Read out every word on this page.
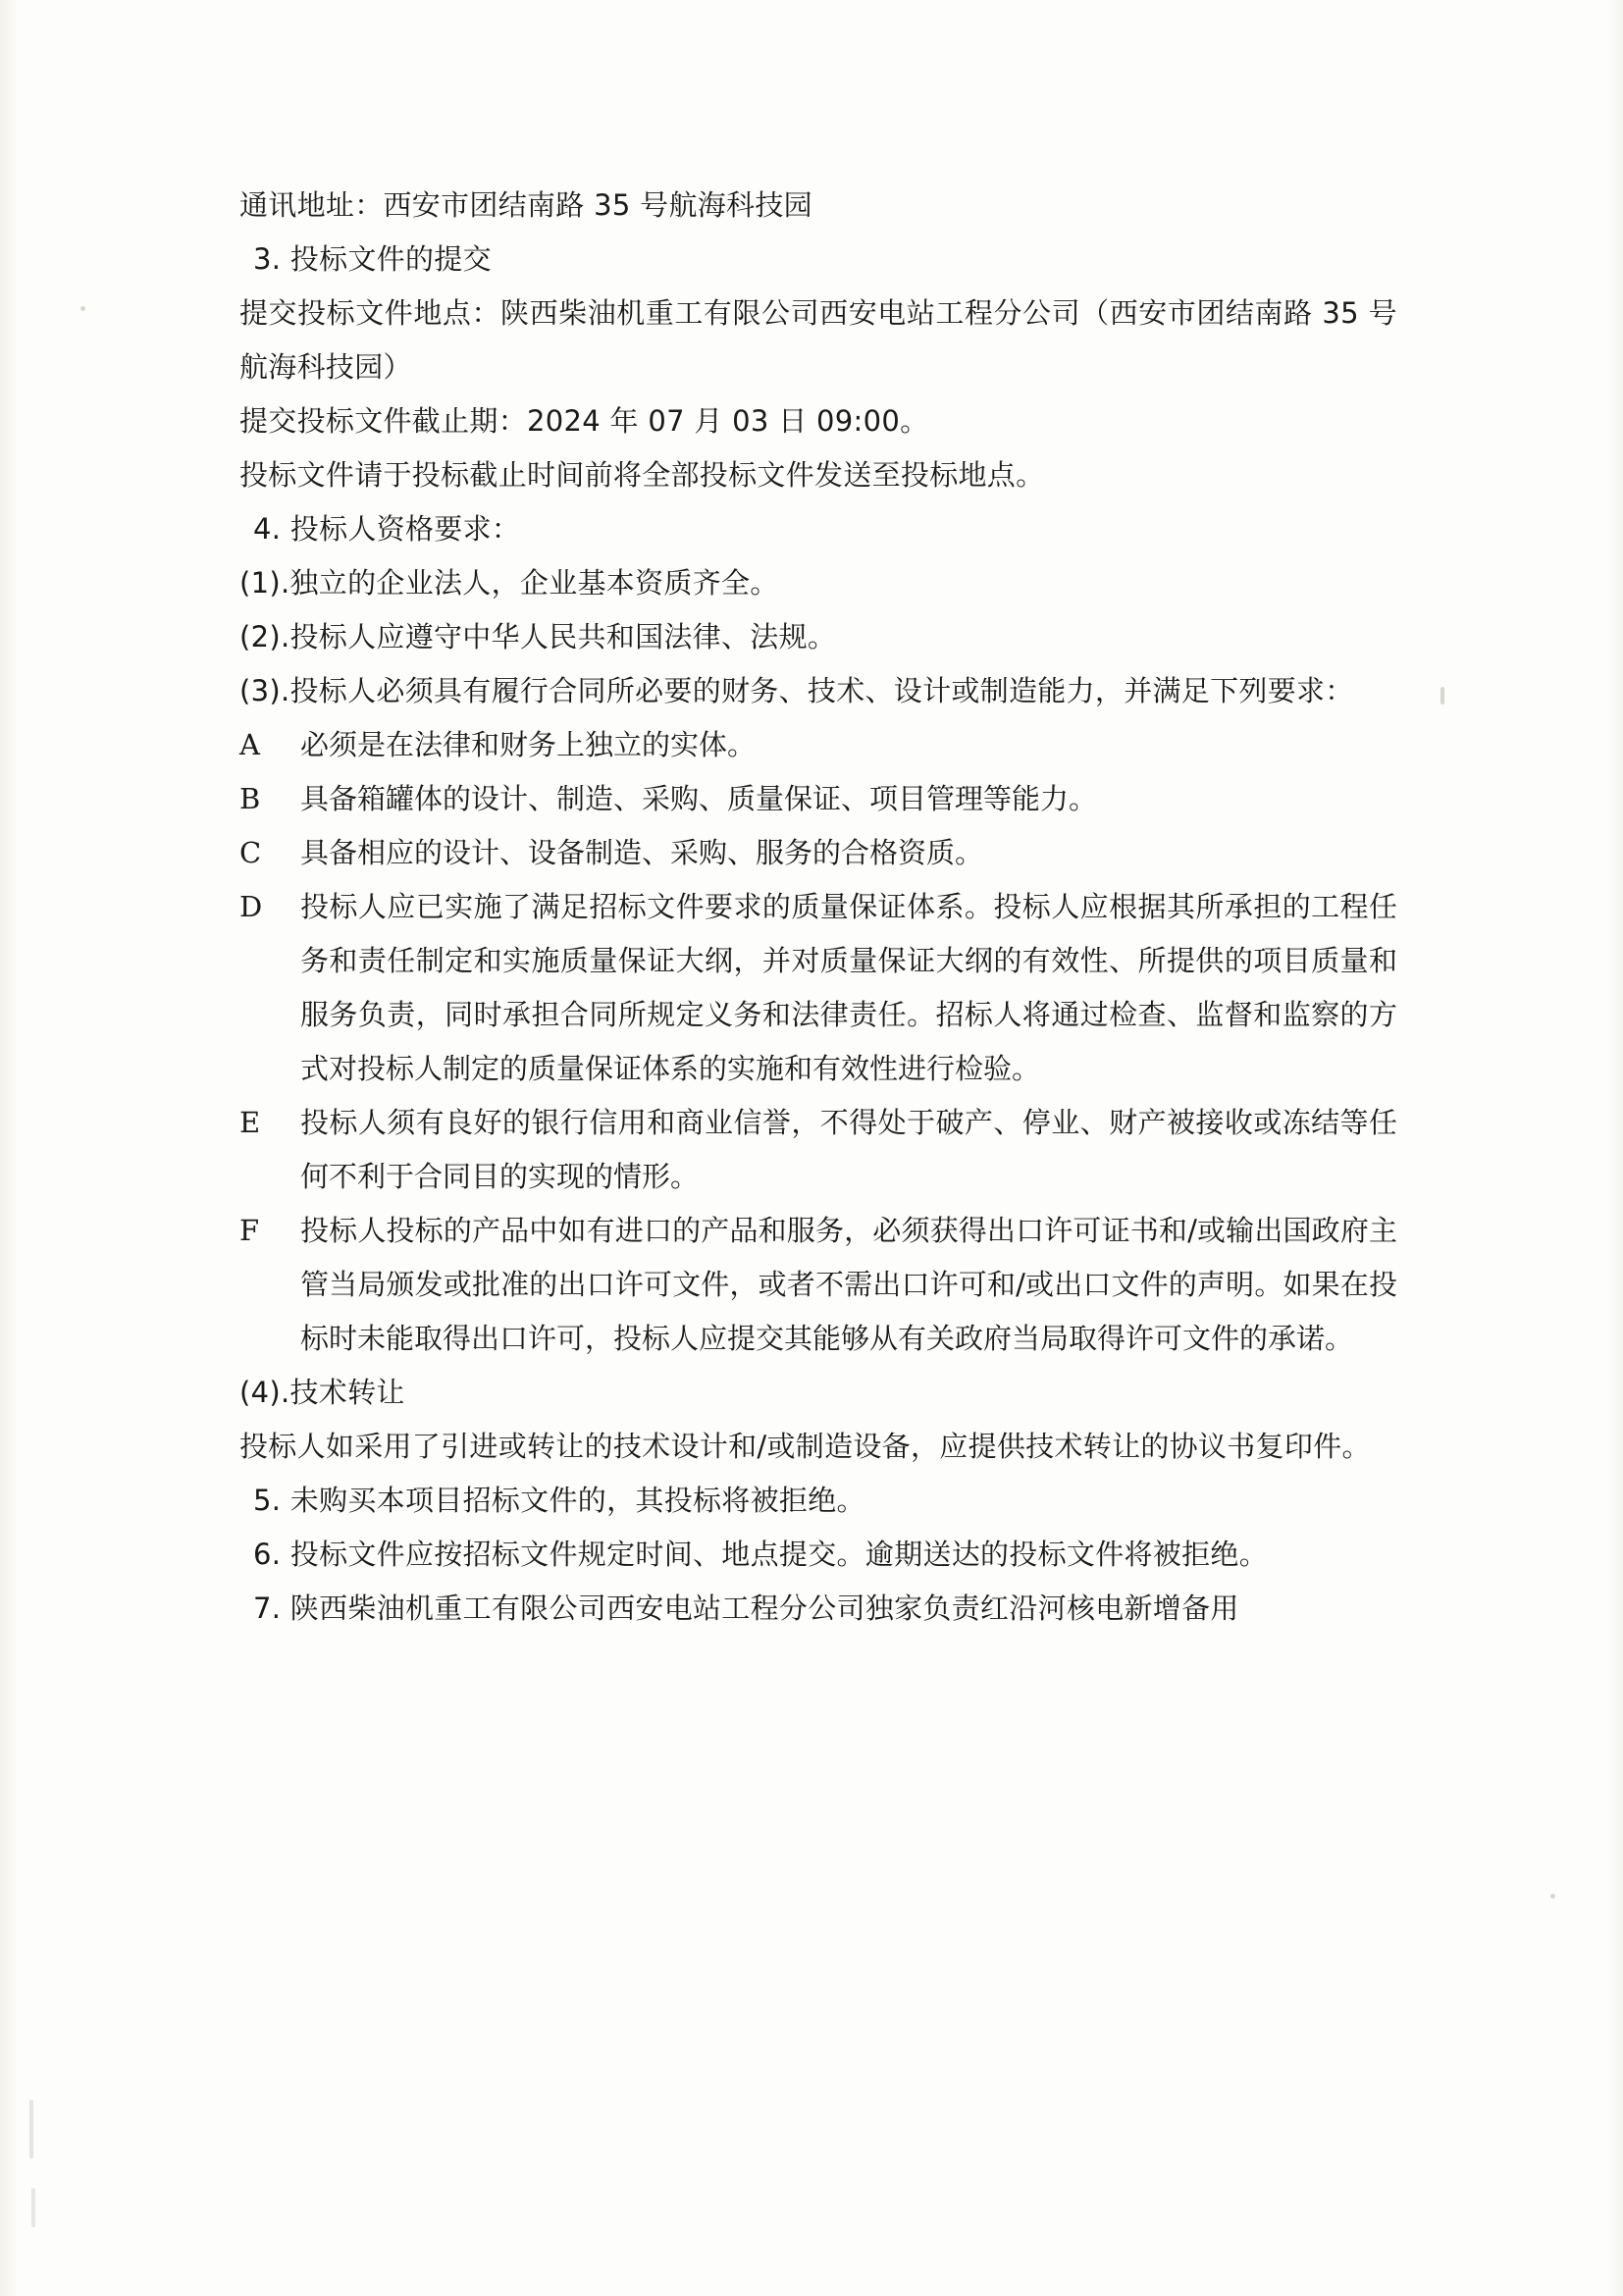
通讯地址：西安市团结南路 35 号航海科技园

3. 投标文件的提交

提交投标文件地点：陕西柴油机重工有限公司西安电站工程分公司（西安市团结南路 35 号航海科技园）

提交投标文件截止期：2024 年 07 月 03 日 09:00。

投标文件请于投标截止时间前将全部投标文件发送至投标地点。

4. 投标人资格要求：

(1).独立的企业法人，企业基本资质齐全。

(2).投标人应遵守中华人民共和国法律、法规。

(3).投标人必须具有履行合同所必要的财务、技术、设计或制造能力，并满足下列要求：

A	必须是在法律和财务上独立的实体。
B	具备箱罐体的设计、制造、采购、质量保证、项目管理等能力。
C	具备相应的设计、设备制造、采购、服务的合格资质。
D	投标人应已实施了满足招标文件要求的质量保证体系。投标人应根据其所承担的工程任务和责任制定和实施质量保证大纲，并对质量保证大纲的有效性、所提供的项目质量和服务负责，同时承担合同所规定义务和法律责任。招标人将通过检查、监督和监察的方式对投标人制定的质量保证体系的实施和有效性进行检验。
E	投标人须有良好的银行信用和商业信誉，不得处于破产、停业、财产被接收或冻结等任何不利于合同目的实现的情形。
F	投标人投标的产品中如有进口的产品和服务，必须获得出口许可证书和/或输出国政府主管当局颁发或批准的出口许可文件，或者不需出口许可和/或出口文件的声明。如果在投标时未能取得出口许可，投标人应提交其能够从有关政府当局取得许可文件的承诺。

(4).技术转让

投标人如采用了引进或转让的技术设计和/或制造设备，应提供技术转让的协议书复印件。

5. 未购买本项目招标文件的，其投标将被拒绝。

6. 投标文件应按招标文件规定时间、地点提交。逾期送达的投标文件将被拒绝。

7. 陕西柴油机重工有限公司西安电站工程分公司独家负责红沿河核电新增备用
